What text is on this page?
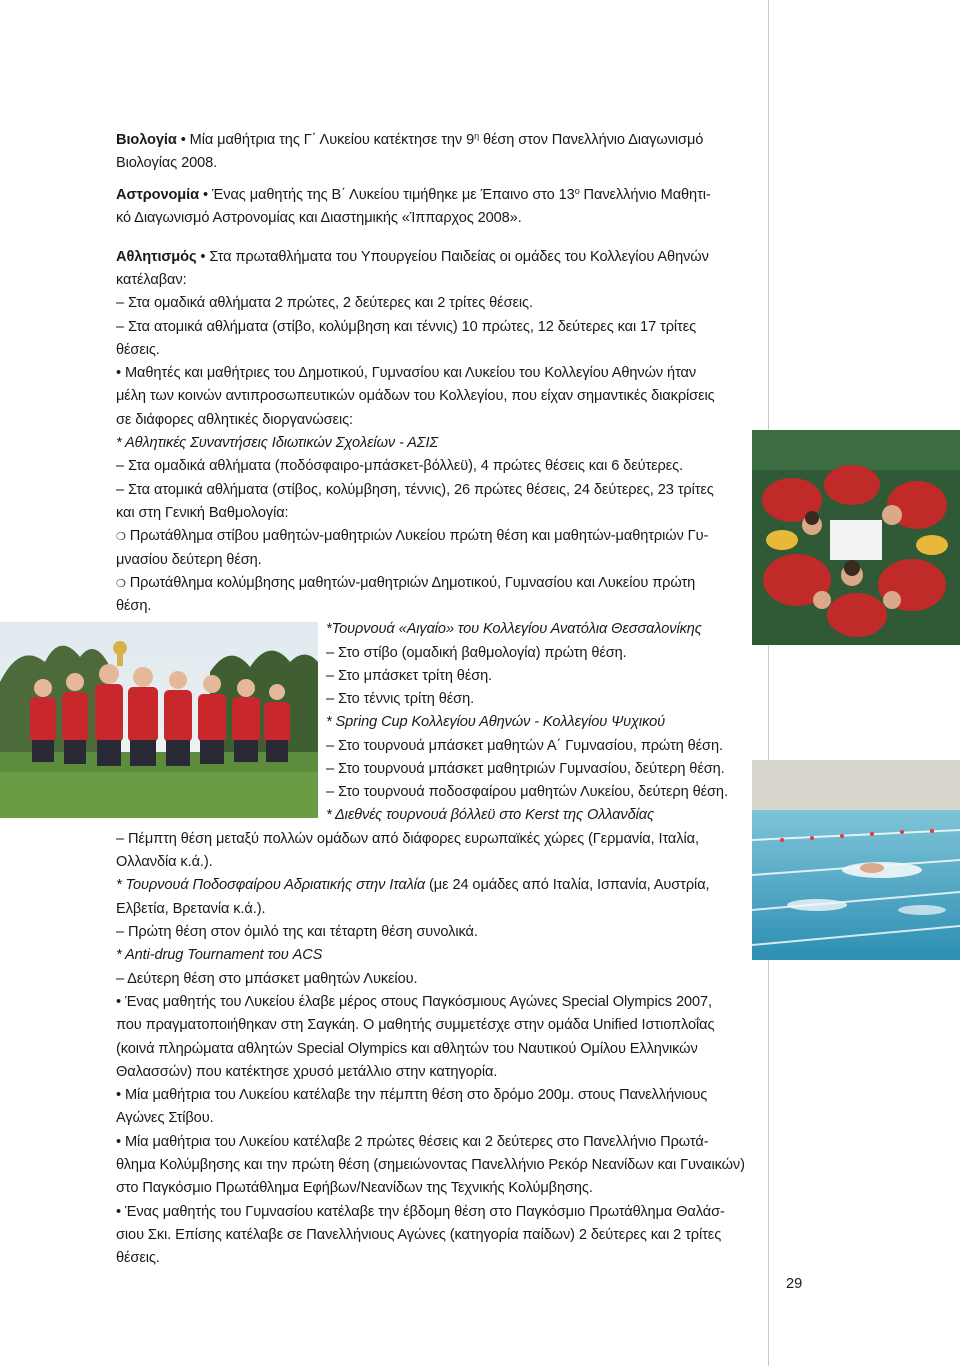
Βιολογία • Μία μαθήτρια της Γ΄ Λυκείου κατέκτησε την $9^\eta$ θέση στον Πανελλήνιο Διαγωνισμό
Βιολογίας 2008.
Αστρονομία • Ένας μαθητής της Β΄ Λυκείου τιμήθηκε με Έπαινο στο $13^o$ Πανελλήνιο Μαθητι-
κό Διαγωνισμό Αστρονομίας και Διαστημικής «Ίππαρχος 2008».
Αθλητισμός • Στα πρωταθλήματα του Υπουργείου Παιδείας οι ομάδες του Κολλεγίου Αθηνών
κατέλαβαν:
– Στα ομαδικά αθλήματα 2 πρώτες, 2 δεύτερες και 2 τρίτες θέσεις.
– Στα ατομικά αθλήματα (στίβο, κολύμβηση και τέννις) 10 πρώτες, 12 δεύτερες και 17 τρίτες
θέσεις.
• Μαθητές και μαθήτριες του Δημοτικού, Γυμνασίου και Λυκείου του Κολλεγίου Αθηνών ήταν
μέλη των κοινών αντιπροσωπευτικών ομάδων του Κολλεγίου, που είχαν σημαντικές διακρίσεις
σε διάφορες αθλητικές διοργανώσεις:
* Αθλητικές Συναντήσεις Ιδιωτικών Σχολείων - ΑΣΙΣ
– Στα ομαδικά αθλήματα (ποδόσφαιρο-μπάσκετ-βόλλεϋ), 4 πρώτες θέσεις και 6 δεύτερες.
– Στα ατομικά αθλήματα (στίβος, κολύμβηση, τέννις), 26 πρώτες θέσεις, 24 δεύτερες, 23 τρίτες
και στη Γενική Βαθμολογία:
❍ Πρωτάθλημα στίβου μαθητών-μαθητριών Λυκείου πρώτη θέση και μαθητών-μαθητριών Γυ-
μνασίου δεύτερη θέση.
❍ Πρωτάθλημα κολύμβησης μαθητών-μαθητριών Δημοτικού, Γυμνασίου και Λυκείου πρώτη
θέση.
*Τουρνουά «Αιγαίο» του Κολλεγίου Ανατόλια Θεσσαλονίκης
– Στο στίβο (ομαδική βαθμολογία) πρώτη θέση.
– Στο μπάσκετ τρίτη θέση.
– Στο τέννις τρίτη θέση.
* Spring Cup Κολλεγίου Αθηνών - Κολλεγίου Ψυχικού
– Στο τουρνουά μπάσκετ μαθητών Α΄ Γυμνασίου, πρώτη θέση.
– Στο τουρνουά μπάσκετ μαθητριών Γυμνασίου, δεύτερη θέση.
– Στο τουρνουά ποδοσφαίρου μαθητών Λυκείου, δεύτερη θέση.
* Διεθνές τουρνουά βόλλεϋ στο Kerst της Ολλανδίας
– Πέμπτη θέση μεταξύ πολλών ομάδων από διάφορες ευρωπαϊκές χώρες (Γερμανία, Ιταλία,
Ολλανδία κ.ά.).
* Τουρνουά Ποδοσφαίρου Αδριατικής στην Ιταλία (με 24 ομάδες από Ιταλία, Ισπανία, Αυστρία,
Ελβετία, Βρετανία κ.ά.).
– Πρώτη θέση στον όμιλό της και τέταρτη θέση συνολικά.
* Anti-drug Tournament του ACS
– Δεύτερη θέση στο μπάσκετ μαθητών Λυκείου.
• Ένας μαθητής του Λυκείου έλαβε μέρος στους Παγκόσμιους Αγώνες Special Olympics 2007,
που πραγματοποιήθηκαν στη Σαγκάη. Ο μαθητής συμμετέσχε στην ομάδα Unified Ιστιοπλοΐας
(κοινά πληρώματα αθλητών Special Olympics και αθλητών του Ναυτικού Ομίλου Ελληνικών
Θαλασσών) που κατέκτησε χρυσό μετάλλιο στην κατηγορία.
• Μία μαθήτρια του Λυκείου κατέλαβε την πέμπτη θέση στο δρόμο 200μ. στους Πανελλήνιους
Αγώνες Στίβου.
• Μία μαθήτρια του Λυκείου κατέλαβε 2 πρώτες θέσεις και 2 δεύτερες στο Πανελλήνιο Πρωτά-
θλημα Κολύμβησης και την πρώτη θέση (σημειώνοντας Πανελλήνιο Ρεκόρ Νεανίδων και Γυναικών)
στο Παγκόσμιο Πρωτάθλημα Εφήβων/Νεανίδων της Τεχνικής Κολύμβησης.
• Ένας μαθητής του Γυμνασίου κατέλαβε την έβδομη θέση στο Παγκόσμιο Πρωτάθλημα Θαλάσ-
σιου Σκι. Επίσης κατέλαβε σε Πανελλήνιους Αγώνες (κατηγορία παίδων) 2 δεύτερες και 2 τρίτες
θέσεις.
29
